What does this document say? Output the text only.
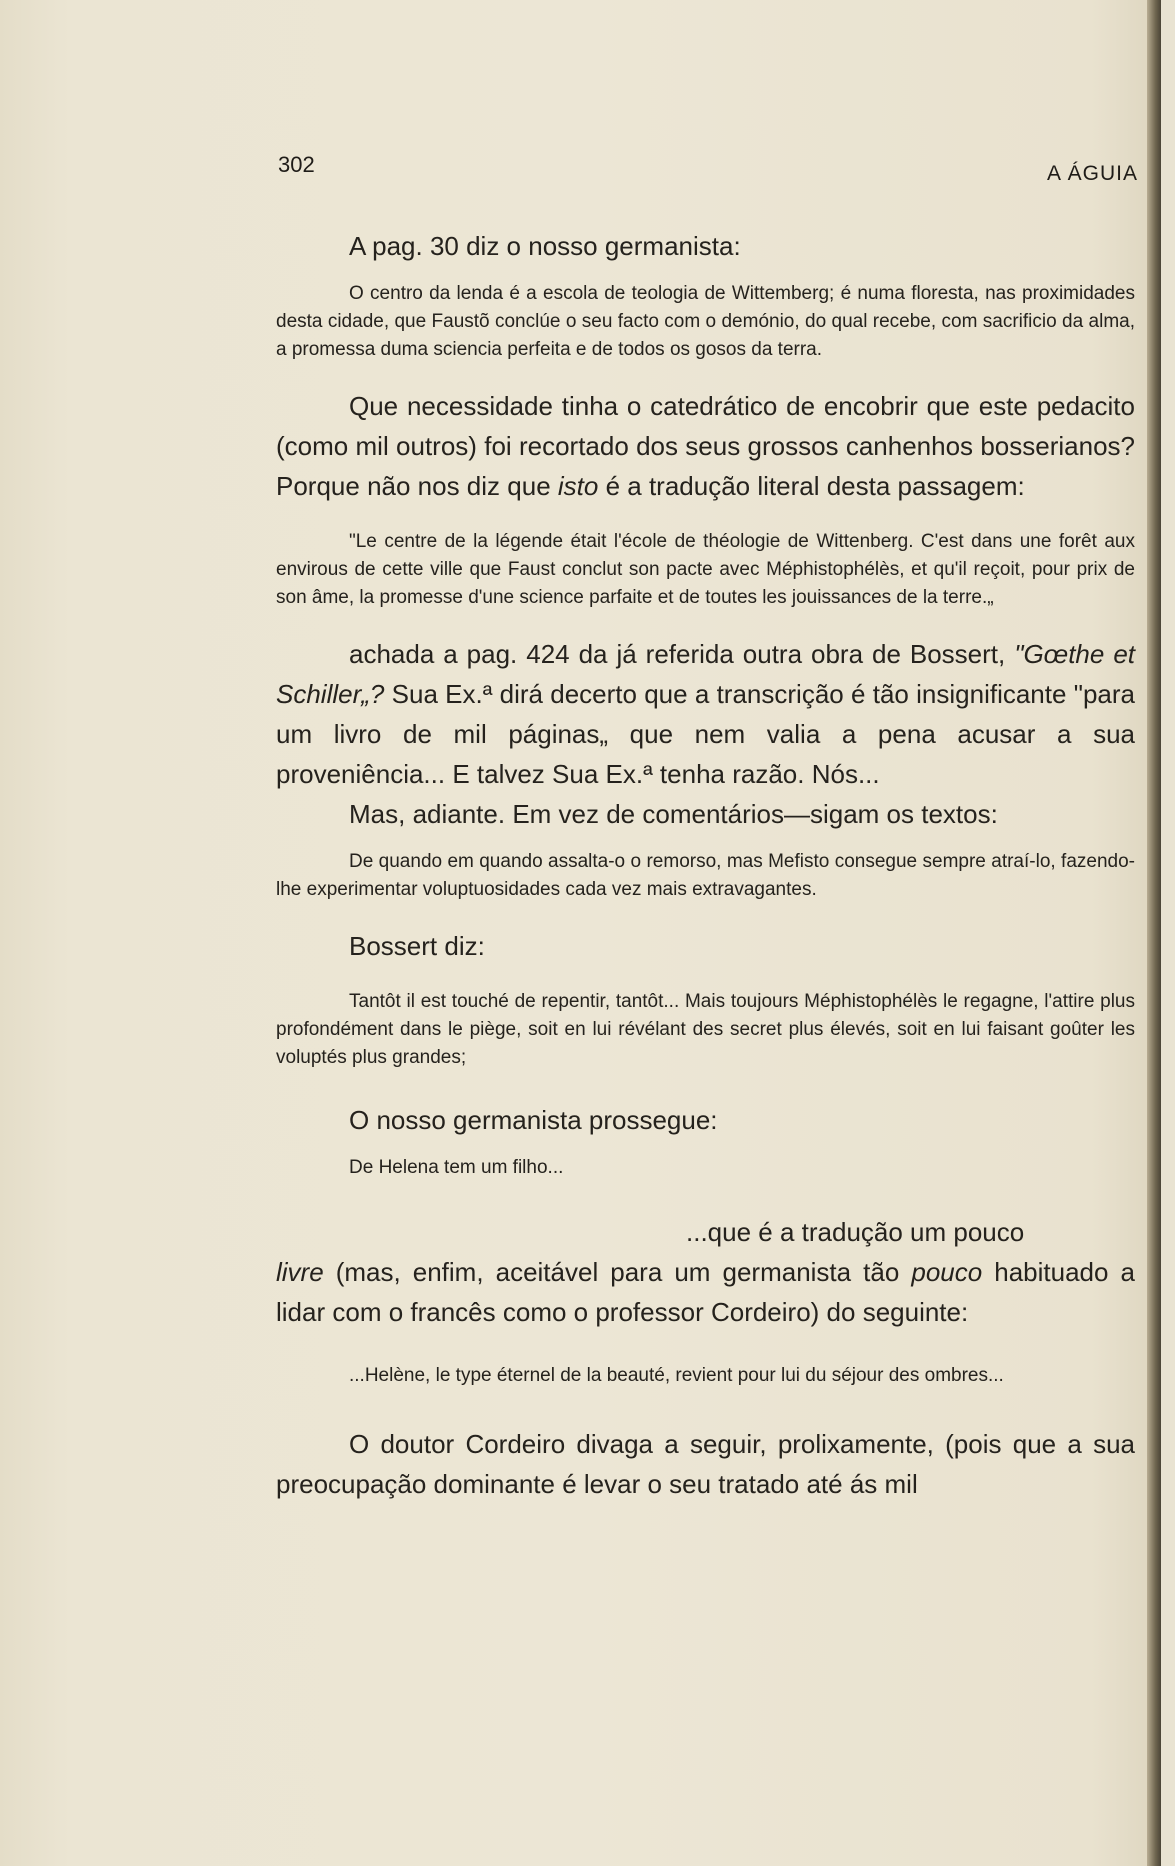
302	A ÁGUIA

A pag. 30 diz o nosso germanista:

O centro da lenda é a escola de teologia de Wittemberg; é numa floresta, nas proximidades desta cidade, que Faustõ conclúe o seu facto com o demónio, do qual recebe, com sacrificio da alma, a promessa duma sciencia perfeita e de todos os gosos da terra.

Que necessidade tinha o catedrático de encobrir que este pedacito (como mil outros) foi recortado dos seus grossos canhenhos bosserianos? Porque não nos diz que isto é a tradução literal desta passagem:

"Le centre de la légende était l'école de théologie de Wittenberg. C'est dans une forêt aux envirous de cette ville que Faust conclut son pacte avec Méphistophélès, et qu'il reçoit, pour prix de son âme, la promesse d'une science parfaite et de toutes les jouissances de la terre.„

achada a pag. 424 da já referida outra obra de Bossert, "Gœthe et Schiller„? Sua Ex.ª dirá decerto que a transcrição é tão insignificante "para um livro de mil páginas„ que nem valia a pena acusar a sua proveniência... E talvez Sua Ex.ª tenha razão. Nós...

Mas, adiante. Em vez de comentários—sigam os textos:

De quando em quando assalta-o o remorso, mas Mefisto consegue sempre atraí-lo, fazendo-lhe experimentar voluptuosidades cada vez mais extravagantes.

Bossert diz:

Tantôt il est touché de repentir, tantôt... Mais toujours Méphistophélès le regagne, l'attire plus profondément dans le piège, soit en lui révélant des secret plus élevés, soit en lui faisant goûter les voluptés plus grandes;

O nosso germanista prossegue:

De Helena tem um filho...

...que é a tradução um pouco
livre (mas, enfim, aceitável para um germanista tão pouco habituado a lidar com o francês como o professor Cordeiro) do seguinte:

...Helène, le type éternel de la beauté, revient pour lui du séjour des ombres...

O doutor Cordeiro divaga a seguir, prolixamente, (pois que a sua preocupação dominante é levar o seu tratado até ás mil
